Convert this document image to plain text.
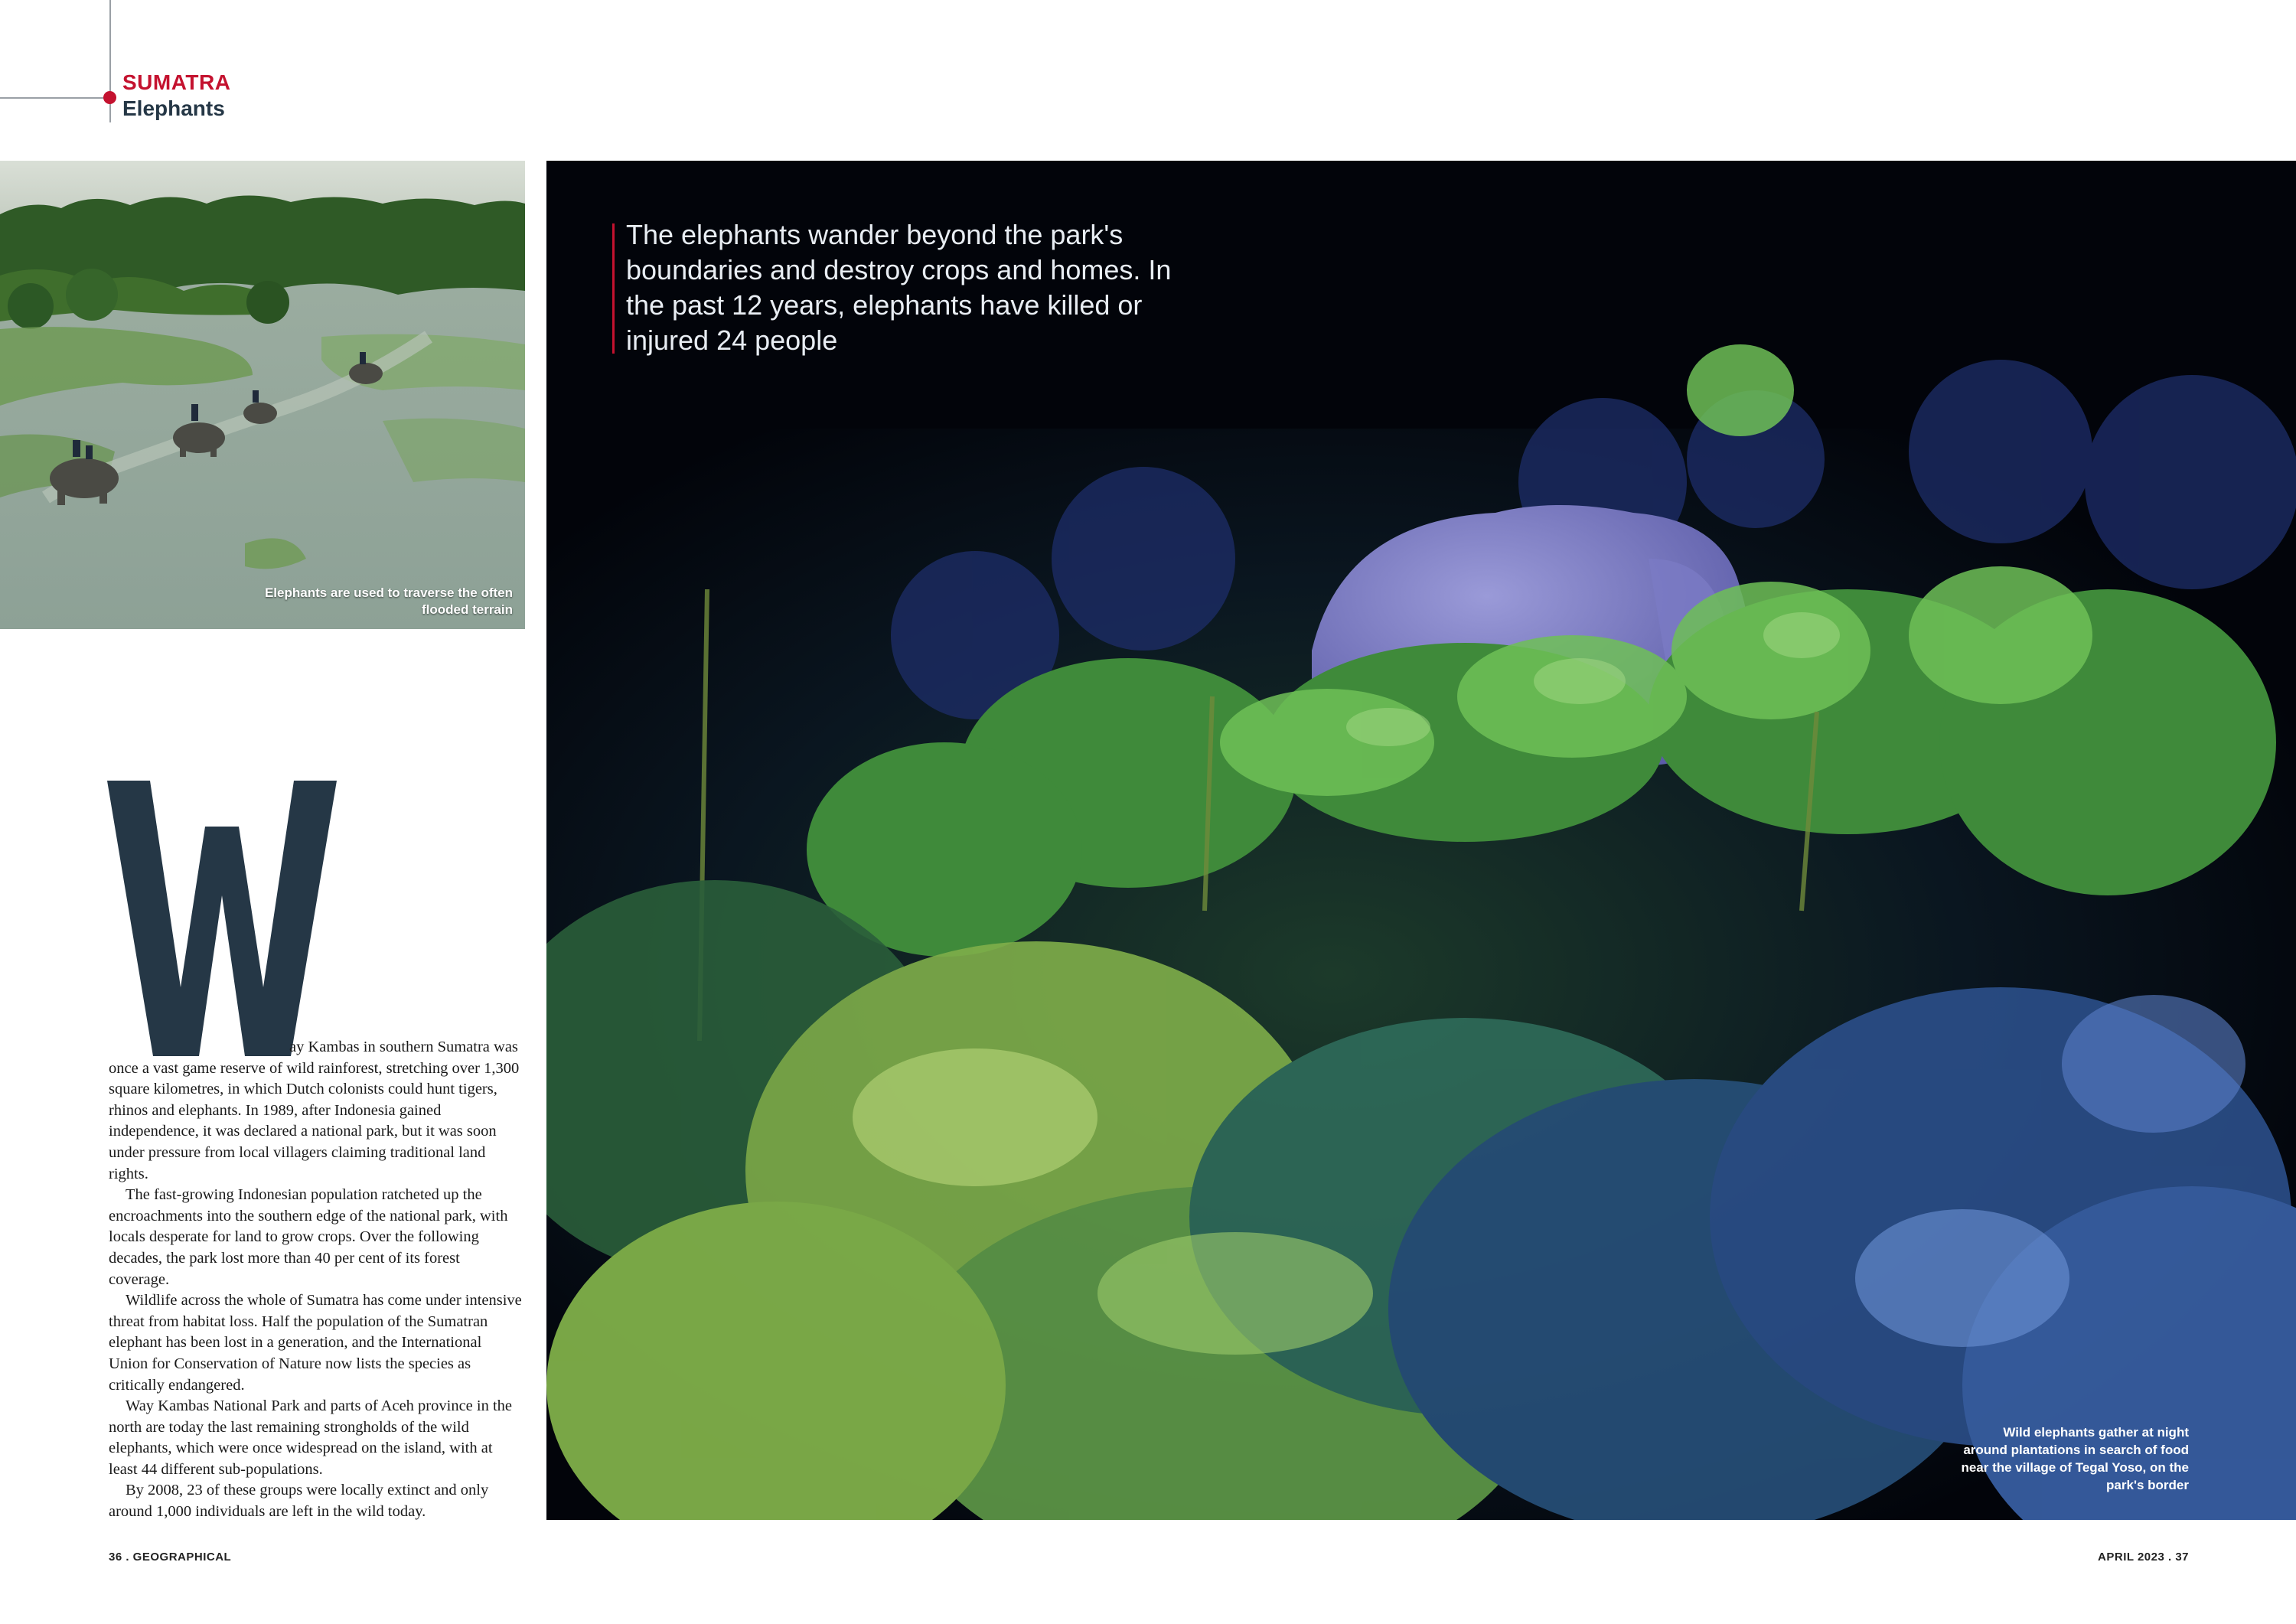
SUMATRA
Elephants
Elephants are used to traverse the often flooded terrain
The elephants wander beyond the park's boundaries and destroy crops and homes. In the past 12 years, elephants have killed or injured 24 people
Wild elephants gather at night around plantations in search of food near the village of Tegal Yoso, on the park's border

ay Kambas in southern Sumatra was once a vast game reserve of wild rainforest, stretching over 1,300 square kilometres, in which Dutch colonists could hunt tigers, rhinos and elephants. In 1989, after Indonesia gained independence, it was declared a national park, but it was soon under pressure from local villagers claiming traditional land rights.

The fast-growing Indonesian population ratcheted up the encroachments into the southern edge of the national park, with locals desperate for land to grow crops. Over the following decades, the park lost more than 40 per cent of its forest coverage.

Wildlife across the whole of Sumatra has come under intensive threat from habitat loss. Half the population of the Sumatran elephant has been lost in a generation, and the International Union for Conservation of Nature now lists the species as critically endangered.

Way Kambas National Park and parts of Aceh province in the north are today the last remaining strongholds of the wild elephants, which were once widespread on the island, with at least 44 different sub-populations.

By 2008, 23 of these groups were locally extinct and only around 1,000 individuals are left in the wild today.

36 . GEOGRAPHICAL	APRIL 2023 . 37
